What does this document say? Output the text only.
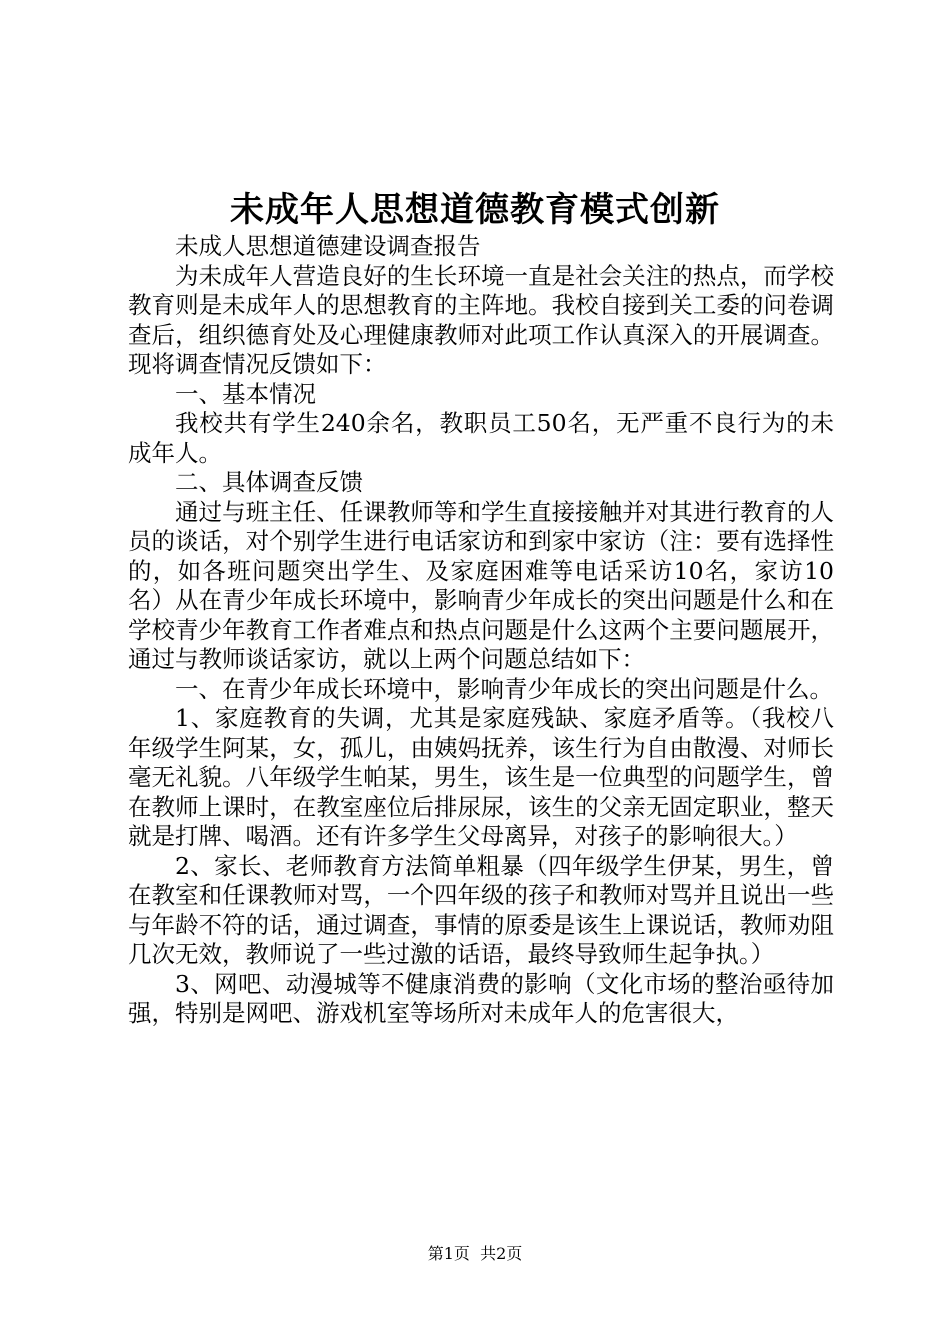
未成年人思想道德教育模式创新

未成人思想道德建设调查报告

为未成年人营造良好的生长环境一直是社会关注的热点，而学校教育则是未成年人的思想教育的主阵地。我校自接到关工委的问卷调查后，组织德育处及心理健康教师对此项工作认真深入的开展调查。现将调查情况反馈如下：

一、基本情况

我校共有学生240余名，教职员工50名，无严重不良行为的未成年人。

二、具体调查反馈

通过与班主任、任课教师等和学生直接接触并对其进行教育的人员的谈话，对个别学生进行电话家访和到家中家访（注：要有选择性的，如各班问题突出学生、及家庭困难等电话采访10名，家访10名）从在青少年成长环境中，影响青少年成长的突出问题是什么和在学校青少年教育工作者难点和热点问题是什么这两个主要问题展开，通过与教师谈话家访，就以上两个问题总结如下：

一、在青少年成长环境中，影响青少年成长的突出问题是什么。

1、家庭教育的失调，尤其是家庭残缺、家庭矛盾等。（我校八年级学生阿某，女，孤儿，由姨妈抚养，该生行为自由散漫、对师长毫无礼貌。八年级学生帕某，男生，该生是一位典型的问题学生，曾在教师上课时，在教室座位后排尿尿，该生的父亲无固定职业，整天就是打牌、喝酒。还有许多学生父母离异，对孩子的影响很大。）

2、家长、老师教育方法简单粗暴（四年级学生伊某，男生，曾在教室和任课教师对骂，一个四年级的孩子和教师对骂并且说出一些与年龄不符的话，通过调查，事情的原委是该生上课说话，教师劝阻几次无效，教师说了一些过激的话语，最终导致师生起争执。）

3、网吧、动漫城等不健康消费的影响（文化市场的整治亟待加强，特别是网吧、游戏机室等场所对未成年人的危害很大，

第1页 共2页
